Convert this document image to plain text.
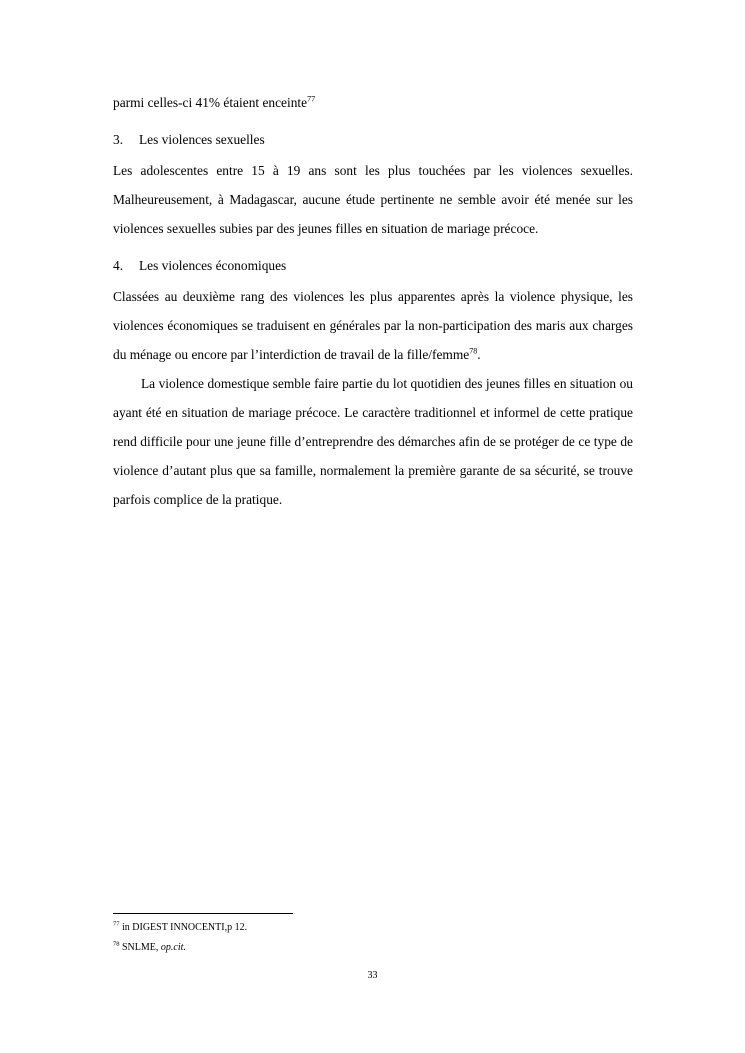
parmi celles-ci 41% étaient enceinte$^{77}$

3. Les violences sexuelles

Les adolescentes entre 15 à 19 ans sont les plus touchées par les violences sexuelles. Malheureusement, à Madagascar, aucune étude pertinente ne semble avoir été menée sur les violences sexuelles subies par des jeunes filles en situation de mariage précoce.

4. Les violences économiques

Classées au deuxième rang des violences les plus apparentes après la violence physique, les violences économiques se traduisent en générales par la non-participation des maris aux charges du ménage ou encore par l’interdiction de travail de la fille/femme$^{78}$.

La violence domestique semble faire partie du lot quotidien des jeunes filles en situation ou ayant été en situation de mariage précoce. Le caractère traditionnel et informel de cette pratique rend difficile pour une jeune fille d’entreprendre des démarches afin de se protéger de ce type de violence d’autant plus que sa famille, normalement la première garante de sa sécurité, se trouve parfois complice de la pratique.

$^{77}$ in DIGEST INNOCENTI,p 12.
$^{78}$ SNLME, op.cit.
33
